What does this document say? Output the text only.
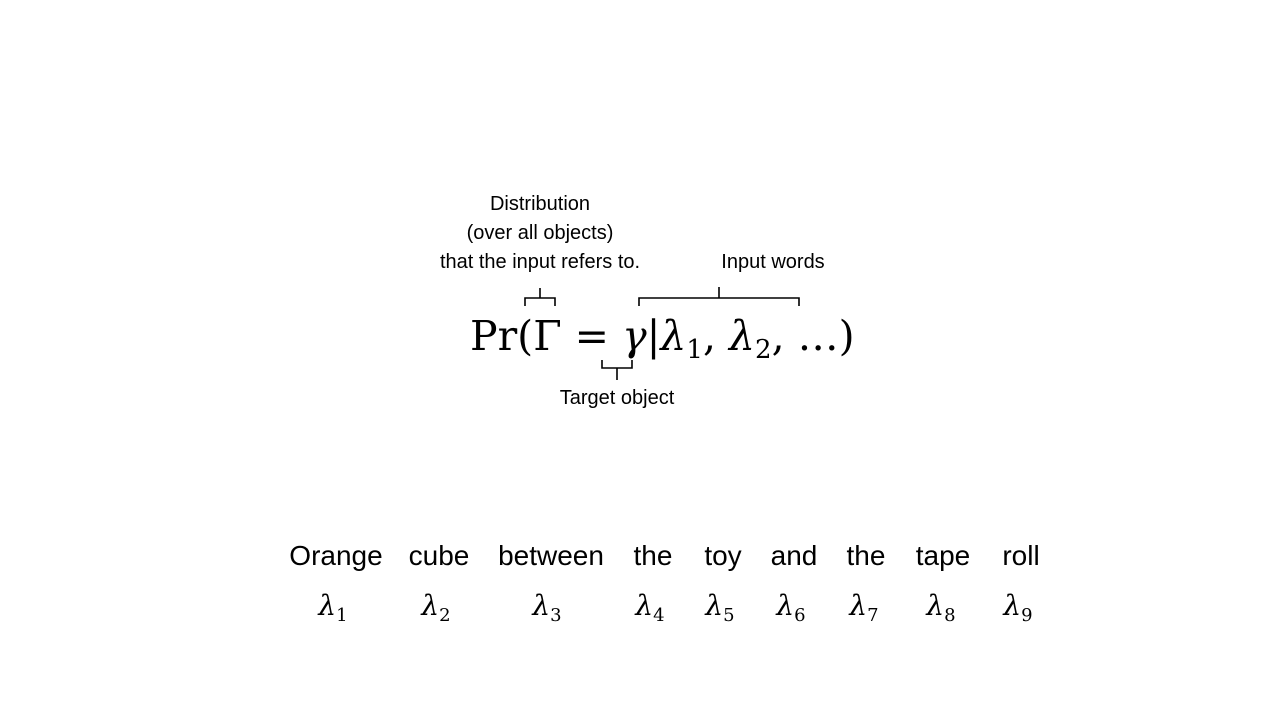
Distribution
(over all objects)
that the input refers to.	Input words
Target object
$Pr(\Gamma = \gamma|\lambda_1$, $\lambda_2$, …)
Orange cube between the toy and the tape roll
$\lambda_1$	$\lambda_2$	$\lambda_3$	$\lambda_4$ $\lambda_5$ $\lambda_6$ $\lambda_7$ $\lambda_8$ $\lambda_9$
